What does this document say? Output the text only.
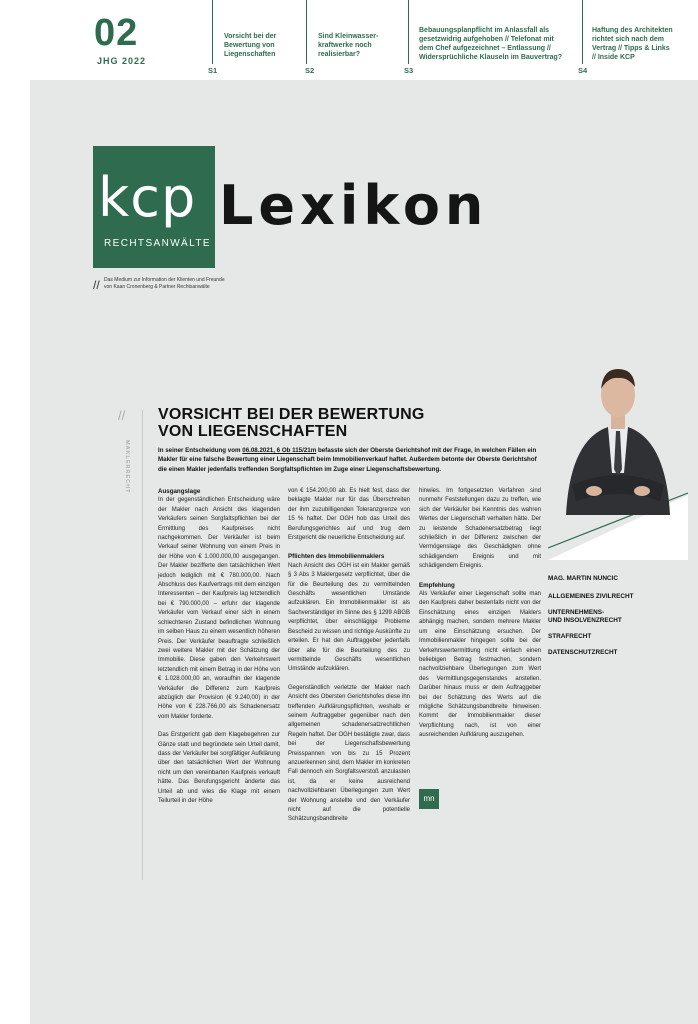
02
JHG 2022
Vorsicht bei der
Bewertung von
Liegenschaften
S1
Sind Kleinwasser-
kraftwerke noch
realisierbar?
S2
Bebauungsplanpflicht im Anlassfall als
gesetzwidrig aufgehoben // Telefonat mit
dem Chef aufgezeichnet – Entlassung //
Widersprüchliche Klauseln im Bauvertrag?
S3
Haftung des Architekten
richtet sich nach dem
Vertrag // Tipps & Links
// Inside KCP
S4
kcp
RECHTSANWÄLTE
Lexikon
// Das Medium zur Information der Klienten und Freunde
von Kaan Cronenberg & Partner Rechtsanwälte
//
MAKLERRECHT
VORSICHT BEI DER BEWERTUNG
VON LIEGENSCHAFTEN
In seiner Entscheidung vom 06.08.2021, 6 Ob 115/21m befasste sich der Oberste Gerichtshof mit der Frage, in welchen Fällen ein Makler für eine falsche Bewertung einer Liegenschaft beim Immobilienverkauf haftet. Außerdem betonte der Oberste Gerichtshof die einen Makler jedenfalls treffenden Sorgfaltspflichten im Zuge einer Liegenschaftsbewertung.
Ausgangslage

In der gegenständlichen Entscheidung wäre der Makler nach Ansicht des klagenden Verkäufers seinen Sorgfaltspflichten bei der Ermittlung des Kaufpreises nicht nachgekommen. Der Verkäufer ist beim Verkauf seiner Wohnung von einem Preis in der Höhe von € 1.000.000,00 ausgegangen. Der Makler bezifferte den tatsächlichen Wert jedoch lediglich mit € 780.000,00. Nach Abschluss des Kaufvertrags mit dem einzigen Interessenten – der Kaufpreis lag letztendlich bei € 790.000,00 – erfuhr der klagende Verkäufer vom Verkauf einer sich in einem schlechteren Zustand befindlichen Wohnung im selben Haus zu einem wesentlich höheren Preis. Der Verkäufer beauftragte schließlich zwei weitere Makler mit der Schätzung der Immobilie. Diese gaben den Verkehrswert letztendlich mit einem Betrag in der Höhe von € 1.028.000,00 an, woraufhin der klagende Verkäufer die Differenz zum Kaufpreis abzüglich der Provision (€ 9.240,00) in der Höhe von € 228.766,00 als Schadenersatz vom Makler forderte.

Das Erstgericht gab dem Klagebegehren zur Gänze statt und begründete sein Urteil damit, dass der Verkäufer bei sorgfältiger Aufklärung über den tatsächlichen Wert der Wohnung nicht um den vereinbarten Kaufpreis verkauft hätte. Das Berufungsgericht änderte das Urteil ab und wies die Klage mit einem Teilurteil in der Höhe

von € 154.200,00 ab. Es hielt fest, dass der beklagte Makler nur für das Überschreiten der ihm zuzubilligenden Toleranzgrenze von 15 % haftet. Der OGH hob das Urteil des Berufungsgerichtes auf und trug dem Erstgericht die neuerliche Entscheidung auf.

Pflichten des Immobilienmaklers

Nach Ansicht des OGH ist ein Makler gemäß § 3 Abs 3 Maklergesetz verpflichtet, über die für die Beurteilung des zu vermittelnden Geschäfts wesentlichen Umstände aufzuklären. Ein Immobilienmakler ist als Sachverständiger im Sinne des § 1299 ABGB verpflichtet, über einschlägige Probleme Bescheid zu wissen und richtige Auskünfte zu erteilen. Er hat den Auftraggeber jedenfalls über alle für die Beurteilung des zu vermittelnde Geschäfts wesentlichen Umstände aufzuklären.

Gegenständlich verletzte der Makler nach Ansicht des Obersten Gerichtshofes diese ihn treffenden Aufklärungspflichten, weshalb er seinem Auftraggeber gegenüber nach den allgemeinen schadenersatzrechtlichen Regeln haftet. Der OGH bestätigte zwar, dass bei der Liegenschaftsbewertung Preisspannen von bis zu 15 Prozent anzuerkennen sind, dem Makler im konkreten Fall dennoch ein Sorgfaltsverstoß anzulasten ist, da er keine ausreichend nachvollziehbaren Überlegungen zum Wert der Wohnung anstellte und den Verkäufer nicht auf die potentielle Schätzungsbandbreite

hinwies. Im fortgesetzten Verfahren sind nunmehr Feststellungen dazu zu treffen, wie sich der Verkäufer bei Kenntnis des wahren Wertes der Liegenschaft verhalten hätte. Der zu leistende Schadenersatzbetrag liegt schließlich in der Differenz zwischen der Vermögenslage des Geschädigten ohne schädigendem Ereignis und mit schädigendem Ereignis.

Empfehlung

Als Verkäufer einer Liegenschaft sollte man den Kaufpreis daher bestenfalls nicht von der Einschätzung eines einzigen Maklers abhängig machen, sondern mehrere Makler um eine Einschätzung ersuchen. Der Immobilienmakler hingegen sollte bei der Verkehrswertermittlung nicht einfach einen beliebigen Betrag festmachen, sondern nachvollziehbare Überlegungen zum Wert des Vermittlungsgegenstandes anstellen. Darüber hinaus muss er dem Auftraggeber bei der Schätzung des Werts auf die mögliche Schätzungsbandbreite hinweisen. Kommt der Immobilienmakler dieser Verpflichtung nach, ist von einer ausreichenden Aufklärung auszugehen.

mn
MAG. MARTIN NUNCIC
ALLGEMEINES ZIVILRECHT
UNTERNEHMENS-
UND INSOLVENZRECHT
STRAFRECHT
DATENSCHUTZRECHT
